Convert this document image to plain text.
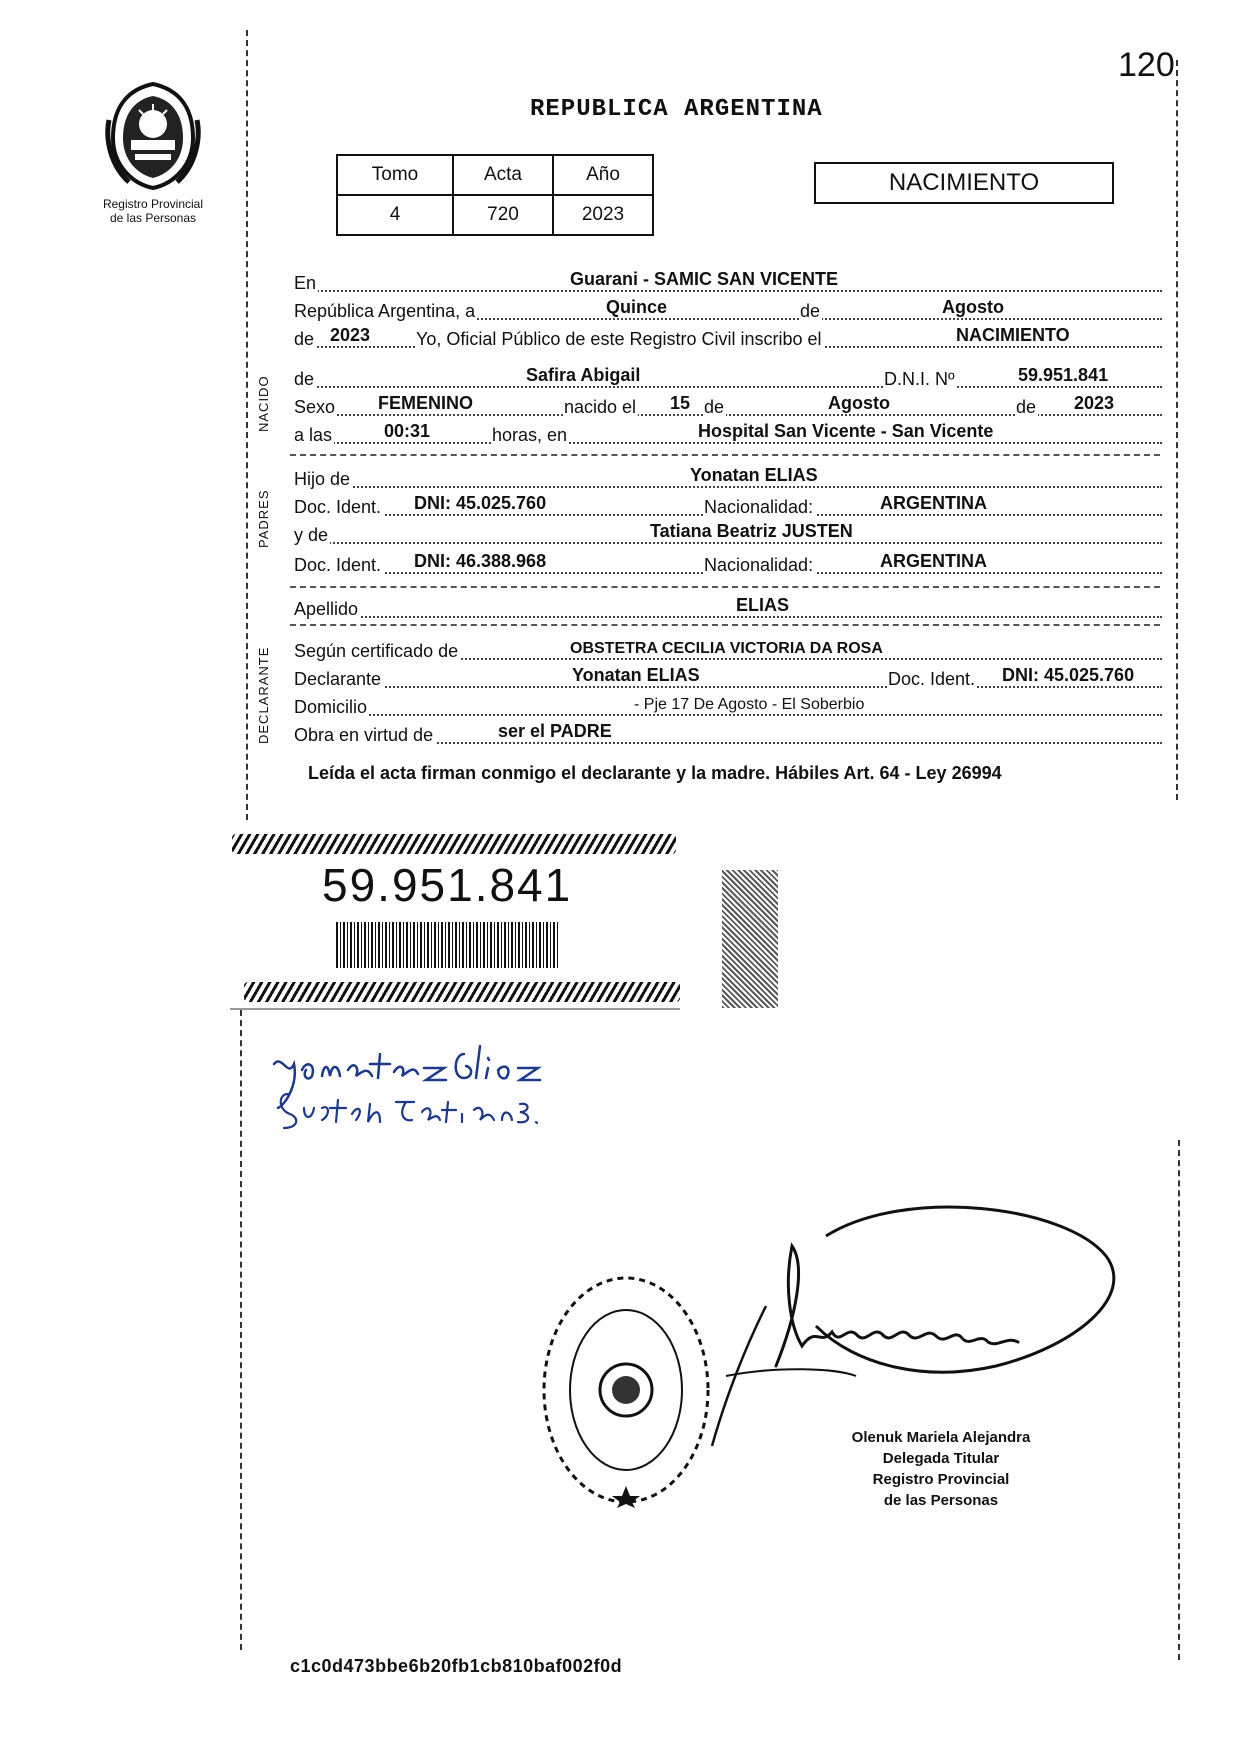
120
Registro Provincial
de las Personas
REPUBLICA ARGENTINA
Tomo	Acta	Año
4	720	2023
NACIMIENTO
En	Guarani - SAMIC SAN VICENTE
República Argentina, a	Quince	de	Agosto
de 2023	Yo, Oficial Público de este Registro Civil inscribo el	NACIMIENTO
NACIDO de	Safira Abigail	D.N.I. Nº	59.951.841
Sexo FEMENINO	nacido el 15 de	Agosto	de 2023
a las	00:31	horas, en	Hospital San Vicente - San Vicente
PADRES
Hijo de	Yonatan ELIAS
Doc. Ident. DNI: 45.025.760	Nacionalidad:	ARGENTINA
y de	Tatiana Beatriz JUSTEN
Doc. Ident. DNI: 46.388.968	Nacionalidad:	ARGENTINA
Apellido	ELIAS
DECLARANTE Según certificado de	OBSTETRA CECILIA VICTORIA DA ROSA
Declarante	Yonatan ELIAS	Doc. Ident. DNI: 45.025.760
Domicilio	- Pje 17 De Agosto - El Soberbio
Obra en virtud de	ser el PADRE
Leída el acta firman conmigo el declarante y la madre. Hábiles Art. 64 - Ley 26994
59.951.841
Olenuk Mariela Alejandra
Delegada Titular
Registro Provincial
de las Personas
c1c0d473bbe6b20fb1cb810baf002f0d
